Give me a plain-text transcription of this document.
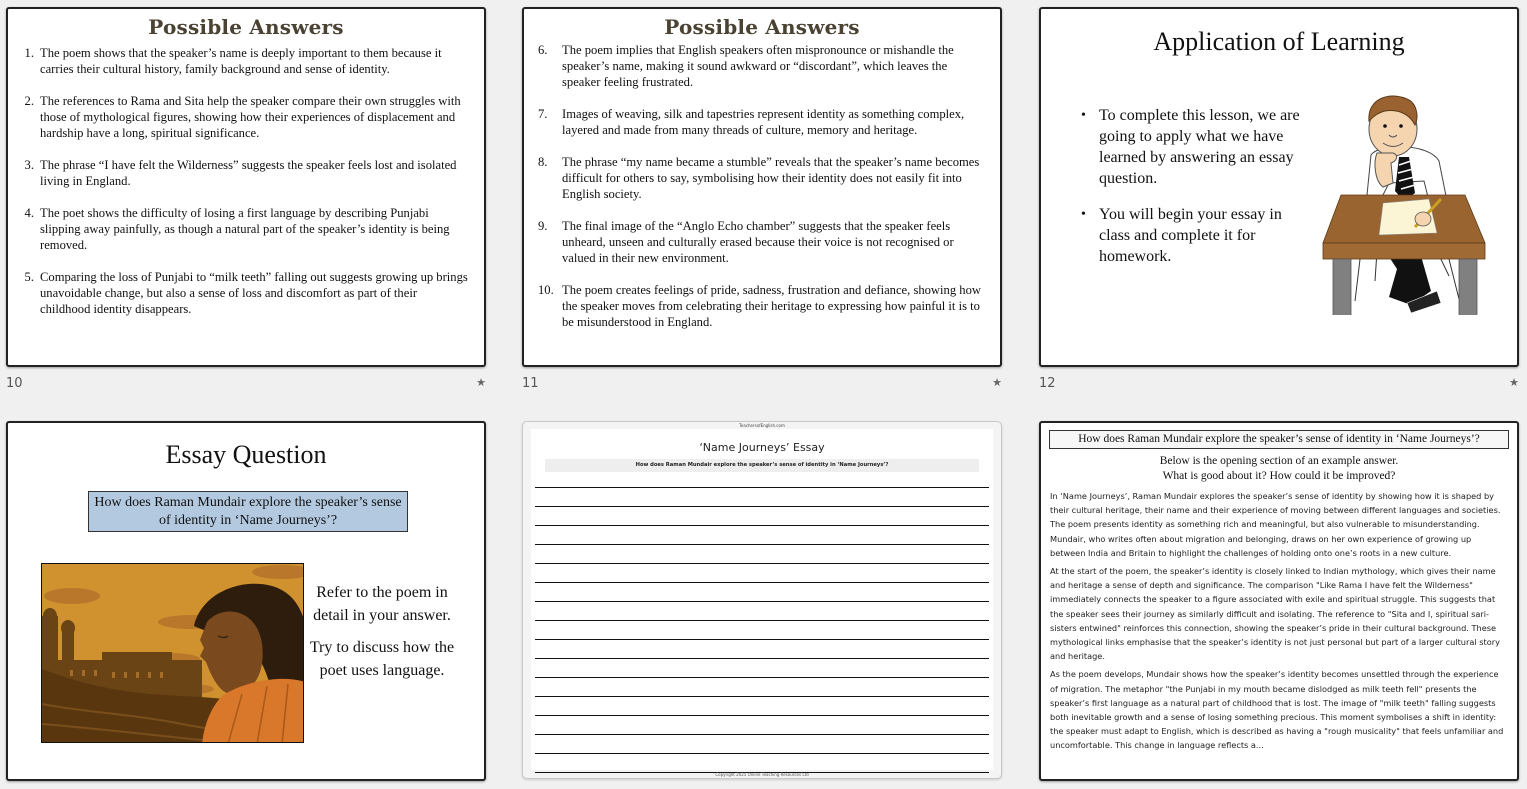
Possible Answers
1. The poem shows that the speaker’s name is deeply important to them because it carries their cultural history, family background and sense of identity.
2. The references to Rama and Sita help the speaker compare their own struggles with those of mythological figures, showing how their experiences of displacement and hardship have a long, spiritual significance.
3. The phrase “I have felt the Wilderness” suggests the speaker feels lost and isolated living in England.
4. The poet shows the difficulty of losing a first language by describing Punjabi slipping away painfully, as though a natural part of the speaker’s identity is being removed.
5. Comparing the loss of Punjabi to “milk teeth” falling out suggests growing up brings unavoidable change, but also a sense of loss and discomfort as part of their childhood identity disappears.
10	★
Possible Answers
6.	The poem implies that English speakers often mispronounce or mishandle the speaker’s name, making it sound awkward or “discordant”, which leaves the speaker feeling frustrated.
7.	Images of weaving, silk and tapestries represent identity as something complex, layered and made from many threads of culture, memory and heritage.
8.	The phrase “my name became a stumble” reveals that the speaker’s name becomes difficult for others to say, symbolising how their identity does not easily fit into English society.
9.	The final image of the “Anglo Echo chamber” suggests that the speaker feels unheard, unseen and culturally erased because their voice is not recognised or valued in their new environment.
10. The poem creates feelings of pride, sadness, frustration and defiance, showing how the speaker moves from celebrating their heritage to expressing how painful it is to be misunderstood in England.
11	★
Application of Learning
• To complete this lesson, we are going to apply what we have learned by answering an essay question.
• You will begin your essay in class and complete it for homework.
12	★
Essay Question
How does Raman Mundair explore the speaker’s sense of identity in ‘Name Journeys’?

Refer to the poem in detail in your answer.

Try to discuss how the poet uses language.

TeachersofEnglish.com
‘Name Journeys’ Essay
How does Raman Mundair explore the speaker’s sense of identity in ‘Name Journeys’?
Copyright 2025 Online Teaching Resources Ltd
How does Raman Mundair explore the speaker’s sense of identity in ‘Name Journeys’?
Below is the opening section of an example answer.
What is good about it? How could it be improved?

In ‘Name Journeys’, Raman Mundair explores the speaker’s sense of identity by showing how it is shaped by their cultural heritage, their name and their experience of moving between different languages and societies. The poem presents identity as something rich and meaningful, but also vulnerable to misunderstanding. Mundair, who writes often about migration and belonging, draws on her own experience of growing up between India and Britain to highlight the challenges of holding onto one’s roots in a new culture.

At the start of the poem, the speaker’s identity is closely linked to Indian mythology, which gives their name and heritage a sense of depth and significance. The comparison "Like Rama I have felt the Wilderness" immediately connects the speaker to a figure associated with exile and spiritual struggle. This suggests that the speaker sees their journey as similarly difficult and isolating. The reference to "Sita and I, spiritual sari-sisters entwined" reinforces this connection, showing the speaker’s pride in their cultural background. These mythological links emphasise that the speaker’s identity is not just personal but part of a larger cultural story and heritage.

As the poem develops, Mundair shows how the speaker’s identity becomes unsettled through the experience of migration. The metaphor "the Punjabi in my mouth became dislodged as milk teeth fell" presents the speaker’s first language as a natural part of childhood that is lost. The image of "milk teeth" falling suggests both inevitable growth and a sense of losing something precious. This moment symbolises a shift in identity: the speaker must adapt to English, which is described as having a "rough musicality" that feels unfamiliar and uncomfortable. This change in language reflects a...
